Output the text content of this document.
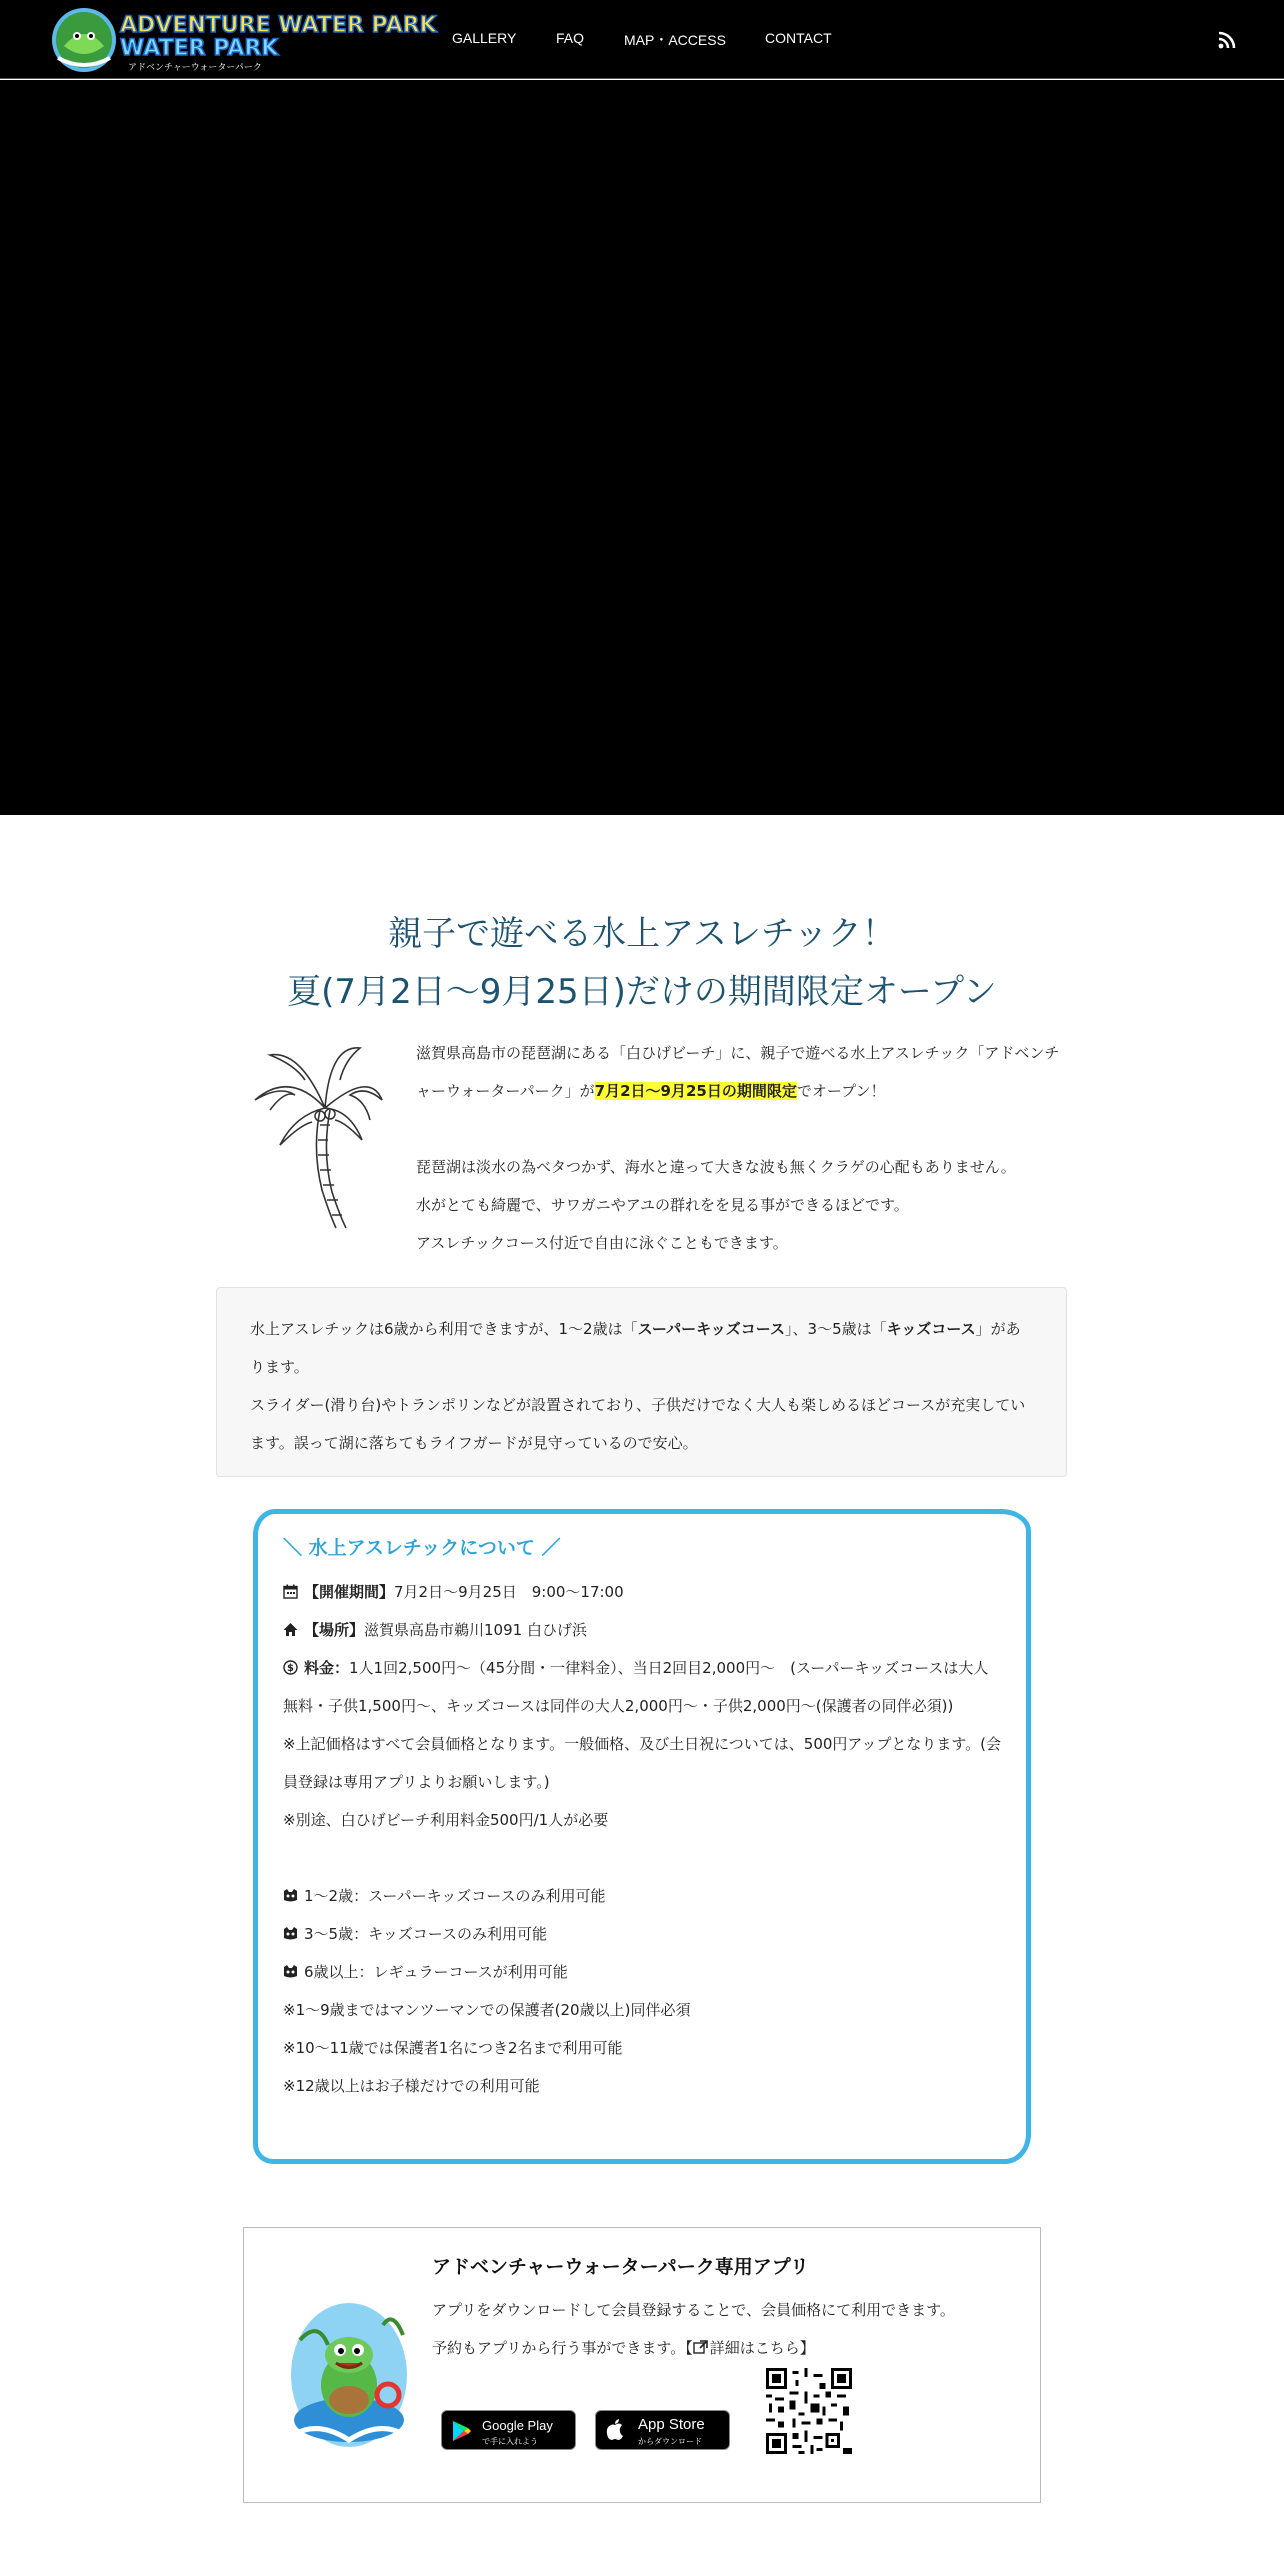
ADVENTURE WATER PARK
WATER PARK
アドベンチャーウォーターパーク
GALLERY	FAQ	MAP・ACCESS	CONTACT
親子で遊べる水上アスレチック！
夏(7月2日～9月25日)だけの期間限定オープン

滋賀県高島市の琵琶湖にある「白ひげビーチ」に、親子で遊べる水上アスレチック「アドベンチャーウォーターパーク」が7月2日～9月25日の期間限定でオープン！

琵琶湖は淡水の為ベタつかず、海水と違って大きな波も無くクラゲの心配もありません。

水がとても綺麗で、サワガニやアユの群れをを見る事ができるほどです。

アスレチックコース付近で自由に泳ぐこともできます。

水上アスレチックは6歳から利用できますが、1～2歳は「スーパーキッズコース」、3～5歳は「キッズコース」があります。
スライダー(滑り台)やトランポリンなどが設置されており、子供だけでなく大人も楽しめるほどコースが充実しています。誤って湖に落ちてもライフガードが見守っているので安心。
＼ 水上アスレチックについて ／
【開催期間】7月2日～9月25日　9:00〜17:00
【場所】滋賀県高島市鵜川1091 白ひげ浜
$ 料金：1人1回2,500円～（45分間・一律料金）、当日2回目2,000円～　(スーパーキッズコースは大人無料・子供1,500円～、キッズコースは同伴の大人2,000円～・子供2,000円～(保護者の同伴必須))
※上記価格はすべて会員価格となります。一般価格、及び土日祝については、500円アップとなります。(会員登録は専用アプリよりお願いします。)
※別途、白ひげビーチ利用料金500円/1人が必要
1～2歳：スーパーキッズコースのみ利用可能
3～5歳：キッズコースのみ利用可能
6歳以上：レギュラーコースが利用可能
※1～9歳まではマンツーマンでの保護者(20歳以上)同伴必須
※10～11歳では保護者1名につき2名まで利用可能
※12歳以上はお子様だけでの利用可能
アドベンチャーウォーターパーク専用アプリ
アプリをダウンロードして会員登録することで、会員価格にて利用できます。
予約もアプリから行う事ができます。【 詳細はこちら】
Google Play
で手に入れよう
App Store
からダウンロード
